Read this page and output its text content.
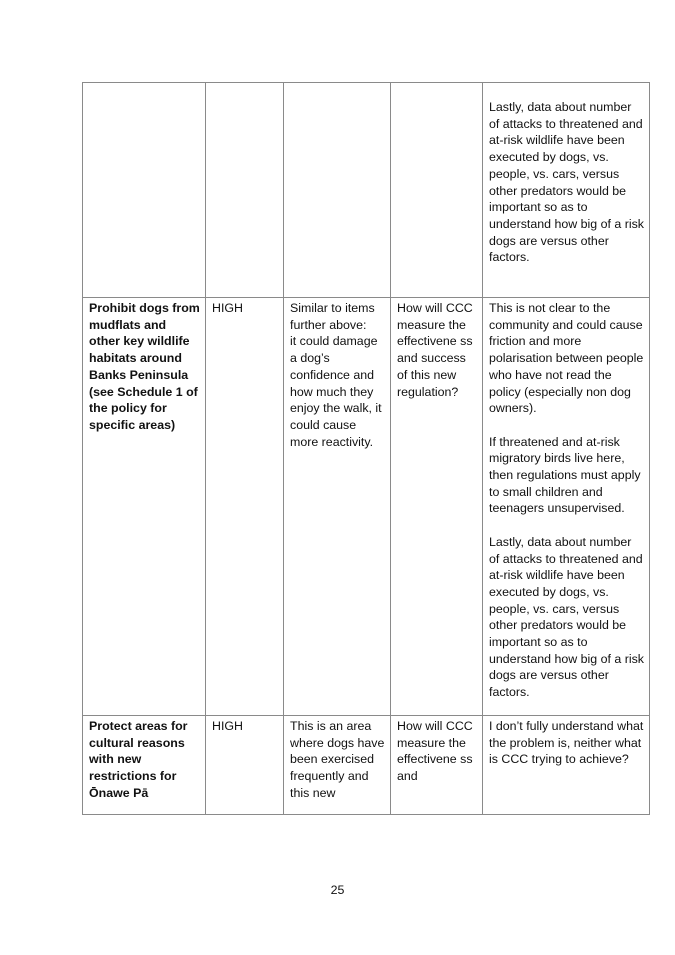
				Lastly, data about number of attacks to threatened and at-risk wildlife have been executed by dogs, vs. people, vs. cars, versus other predators would be important so as to understand how big of a risk dogs are versus other factors.

Prohibit dogs from mudflats and other key wildlife habitats around Banks Peninsula (see Schedule 1 of the policy for specific areas)	HIGH	Similar to items further above:
it could damage a dog’s confidence and how much they enjoy the walk, it could cause more reactivity.	How will CCC measure the effectivene ss and success of this new regulation?	This is not clear to the community and could cause friction and more polarisation between people who have not read the policy (especially non dog owners).

If threatened and at-risk migratory birds live here, then regulations must apply to small children and teenagers unsupervised.

Lastly, data about number of attacks to threatened and at-risk wildlife have been executed by dogs, vs. people, vs. cars, versus other predators would be important so as to understand how big of a risk dogs are versus other factors.

Protect areas for cultural reasons with new restrictions for Ōnawe Pā	HIGH	This is an area where dogs have been exercised frequently and this new	How will CCC measure the effectivene ss and	I don’t fully understand what the problem is, neither what is CCC trying to achieve?
25
